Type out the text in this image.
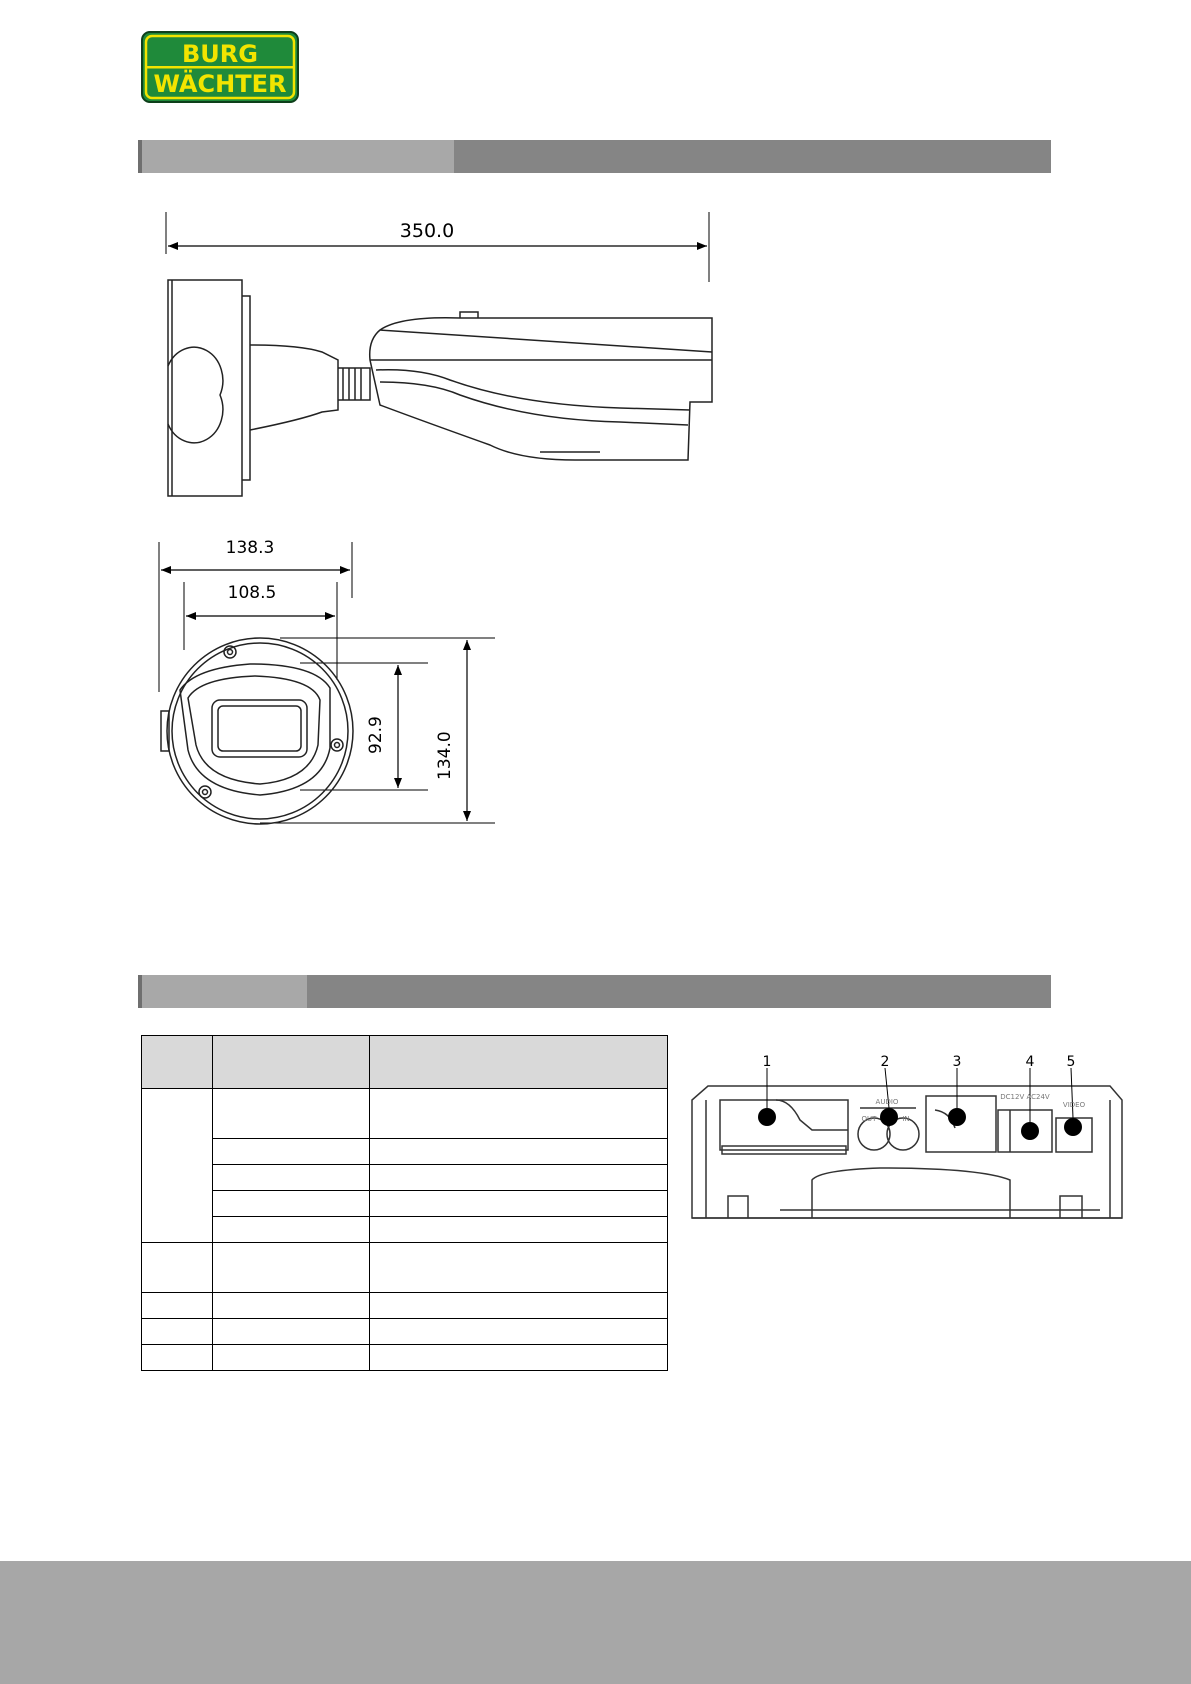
BURG
WÄCHTER
350.0
138.3
108.5
92.9	134.0

1	2	3	4 5
AUDIO
OUT	IN
DC12V AC24V
VIDEO
